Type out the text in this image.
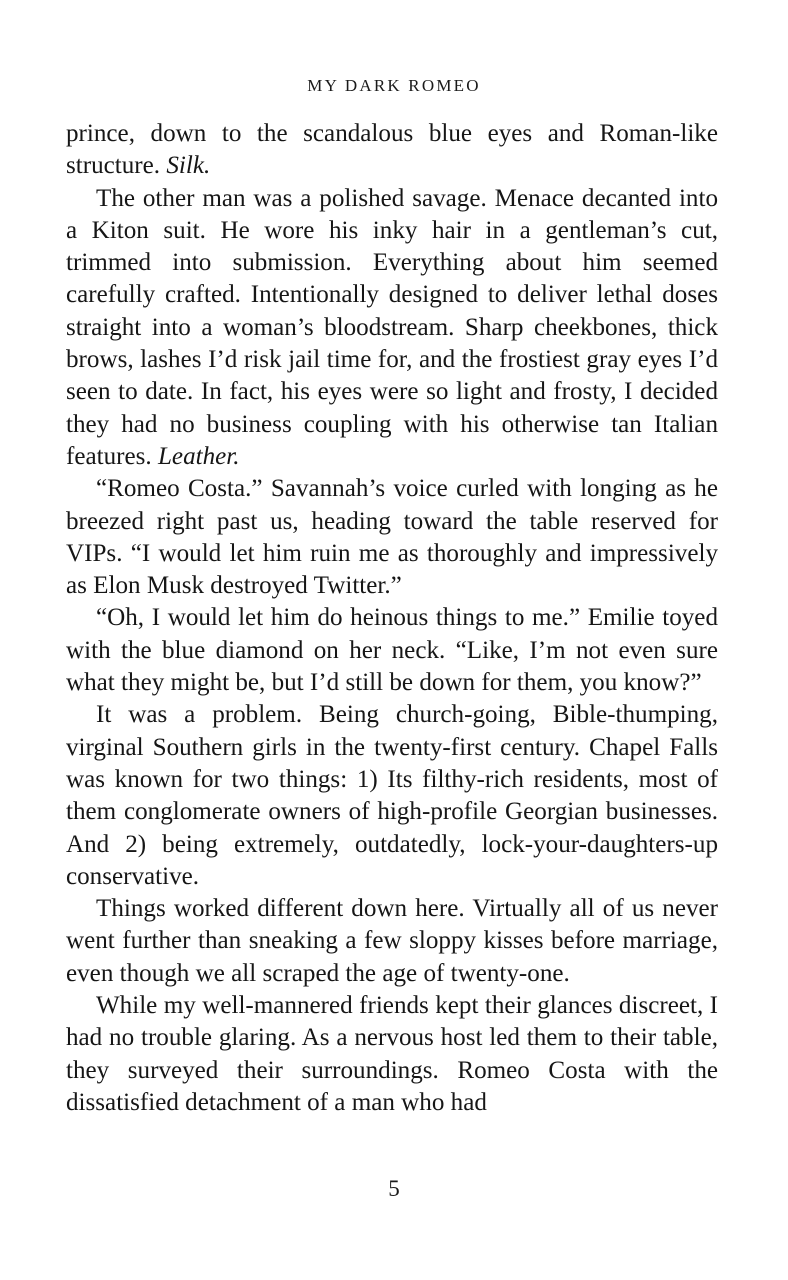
MY DARK ROMEO

prince, down to the scandalous blue eyes and Roman-like structure. Silk.

The other man was a polished savage. Menace decanted into a Kiton suit. He wore his inky hair in a gentleman’s cut, trimmed into submission. Everything about him seemed carefully crafted. Intentionally designed to deliver lethal doses straight into a woman’s bloodstream. Sharp cheekbones, thick brows, lashes I’d risk jail time for, and the frostiest gray eyes I’d seen to date. In fact, his eyes were so light and frosty, I decided they had no business coupling with his otherwise tan Italian features. Leather.

“Romeo Costa.” Savannah’s voice curled with longing as he breezed right past us, heading toward the table reserved for VIPs. “I would let him ruin me as thoroughly and impressively as Elon Musk destroyed Twitter.”

“Oh, I would let him do heinous things to me.” Emilie toyed with the blue diamond on her neck. “Like, I’m not even sure what they might be, but I’d still be down for them, you know?”

It was a problem. Being church-going, Bible-thumping, virginal Southern girls in the twenty-first century. Chapel Falls was known for two things: 1) Its filthy-rich residents, most of them conglomerate owners of high-profile Georgian businesses. And 2) being extremely, outdatedly, lock-your-daughters-up conservative.

Things worked different down here. Virtually all of us never went further than sneaking a few sloppy kisses before marriage, even though we all scraped the age of twenty-one.

While my well-mannered friends kept their glances discreet, I had no trouble glaring. As a nervous host led them to their table, they surveyed their surroundings. Romeo Costa with the dissatisfied detachment of a man who had

5
